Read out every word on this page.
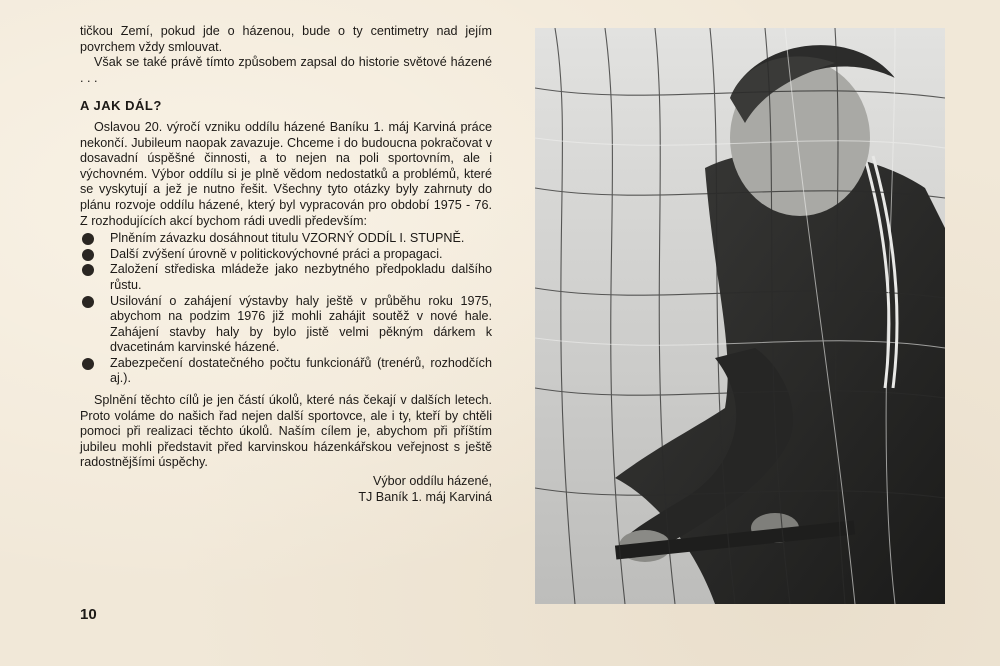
tičkou Zemí, pokud jde o házenou, bude o ty centimetry nad jejím povrchem vždy smlouvat.

Však se také právě tímto způsobem zapsal do historie světové házené . . .

A JAK DÁL?

Oslavou 20. výročí vzniku oddílu házené Baníku 1. máj Karviná práce nekončí. Jubileum naopak zavazuje. Chceme i do budoucna pokračovat v dosavadní úspěšné činnosti, a to nejen na poli sportovním, ale i výchovném. Výbor oddílu si je plně vědom nedostatků a problémů, které se vyskytují a jež je nutno řešit. Všechny tyto otázky byly zahrnuty do plánu rozvoje oddílu házené, který byl vypracován pro období 1975 - 76. Z rozhodujících akcí bychom rádi uvedli především:

Plněním závazku dosáhnout titulu VZORNÝ ODDÍL I. STUPNĚ.
Další zvýšení úrovně v politickovýchovné práci a propagaci.
Založení střediska mládeže jako nezbytného předpokladu dalšího růstu.
Usilování o zahájení výstavby haly ještě v průběhu roku 1975, abychom na podzim 1976 již mohli zahájit soutěž v nové hale. Zahájení stavby haly by bylo jistě velmi pěkným dárkem k dvacetinám karvinské házené.
Zabezpečení dostatečného počtu funkcionářů (trenérů, rozhodčích aj.).

Splnění těchto cílů je jen částí úkolů, které nás čekají v dalších letech. Proto voláme do našich řad nejen další sportovce, ale i ty, kteří by chtěli pomoci při realizaci těchto úkolů. Naším cílem je, abychom při příštím jubileu mohli představit před karvinskou házenkářskou veřejnost s ještě radostnějšími úspěchy.

Výbor oddílu házené,
TJ Baník 1. máj Karviná
10
